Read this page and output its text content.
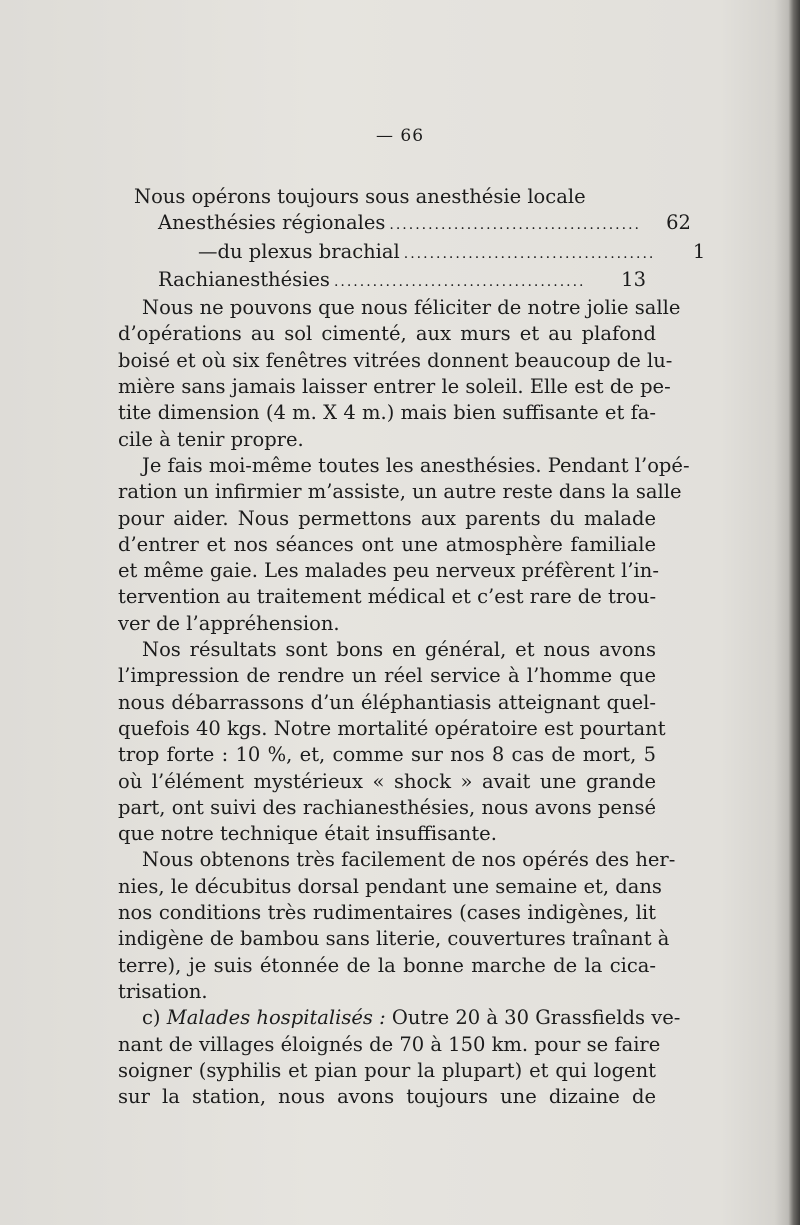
— 66
Nous opérons toujours sous anesthésie locale
Anesthésies régionales .......................................	62
— du plexus brachial .......................................	1
Rachianesthésies .......................................	13
Nous ne pouvons que nous féliciter de notre jolie salle
d’opérations au sol cimenté, aux murs et au plafond
boisé et où six fenêtres vitrées donnent beaucoup de lu-
mière sans jamais laisser entrer le soleil. Elle est de pe-
tite dimension (4 m. X 4 m.) mais bien suffisante et fa-
cile à tenir propre.
Je fais moi-même toutes les anesthésies. Pendant l’opé-
ration un infirmier m’assiste, un autre reste dans la salle
pour aider. Nous permettons aux parents du malade
d’entrer et nos séances ont une atmosphère familiale
et même gaie. Les malades peu nerveux préfèrent l’in-
tervention au traitement médical et c’est rare de trou-
ver de l’appréhension.
Nos résultats sont bons en général, et nous avons
l’impression de rendre un réel service à l’homme que
nous débarrassons d’un éléphantiasis atteignant quel-
quefois 40 kgs. Notre mortalité opératoire est pourtant
trop forte : 10 %, et, comme sur nos 8 cas de mort, 5
où l’élément mystérieux « shock » avait une grande
part, ont suivi des rachianesthésies, nous avons pensé
que notre technique était insuffisante.
Nous obtenons très facilement de nos opérés des her-
nies, le décubitus dorsal pendant une semaine et, dans
nos conditions très rudimentaires (cases indigènes, lit
indigène de bambou sans literie, couvertures traînant à
terre), je suis étonnée de la bonne marche de la cica-
trisation.
c) Malades hospitalisés : Outre 20 à 30 Grassfields ve-
nant de villages éloignés de 70 à 150 km. pour se faire
soigner (syphilis et pian pour la plupart) et qui logent
sur la station, nous avons toujours une dizaine de
